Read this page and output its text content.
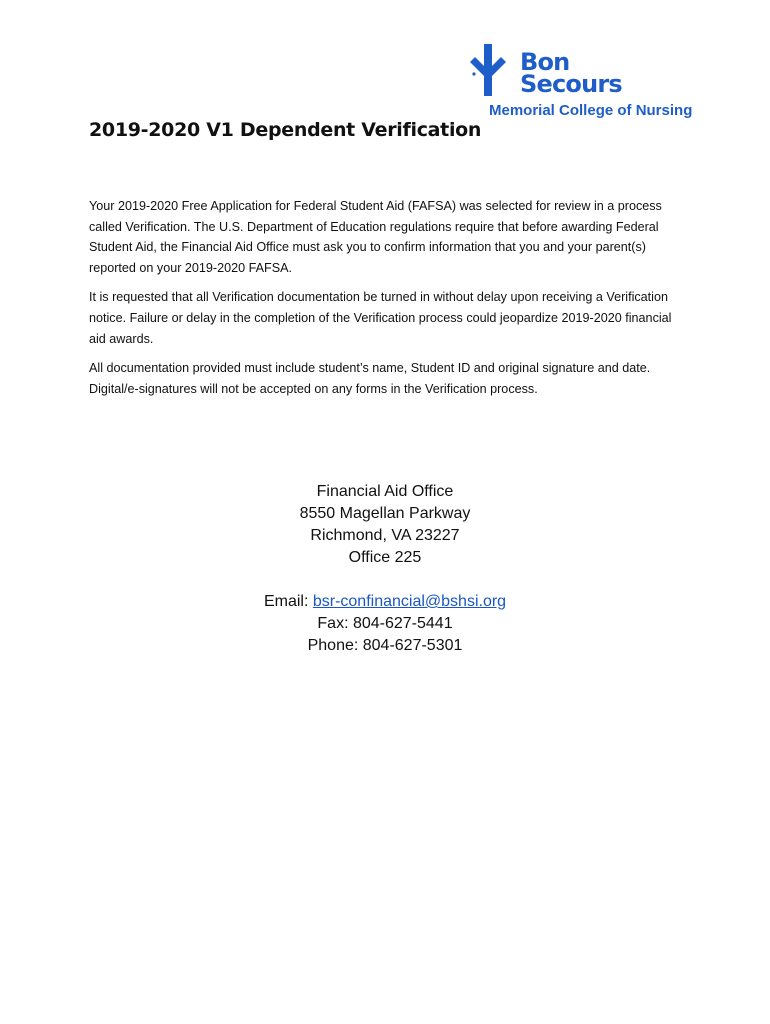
Bon
Secours
Memorial College of Nursing
2019-2020 V1 Dependent Verification

Your 2019-2020 Free Application for Federal Student Aid (FAFSA) was selected for review in a process called Verification. The U.S. Department of Education regulations require that before awarding Federal Student Aid, the Financial Aid Office must ask you to confirm information that you and your parent(s) reported on your 2019-2020 FAFSA.

It is requested that all Verification documentation be turned in without delay upon receiving a Verification notice. Failure or delay in the completion of the Verification process could jeopardize 2019-2020 financial aid awards.

All documentation provided must include student’s name, Student ID and original signature and date. Digital/e-signatures will not be accepted on any forms in the Verification process.

Financial Aid Office
8550 Magellan Parkway
Richmond, VA 23227
Office 225
Email: bsr-confinancial@bshsi.org
Fax: 804-627-5441
Phone: 804-627-5301
